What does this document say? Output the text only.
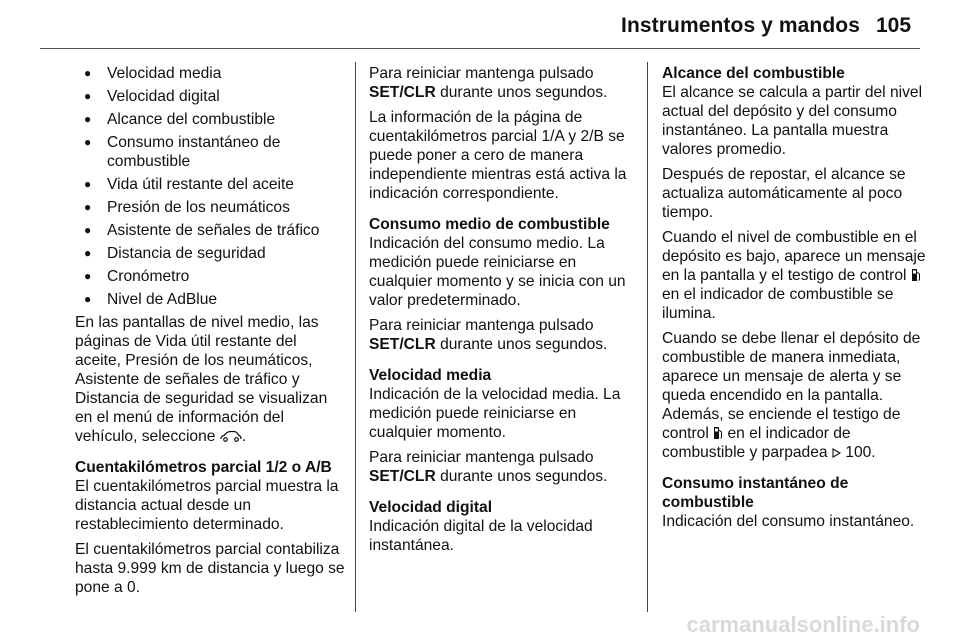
Instrumentos y mandos 105
● Velocidad media
● Velocidad digital
● Alcance del combustible
● Consumo instantáneo de combustible
● Vida útil restante del aceite
● Presión de los neumáticos
● Asistente de señales de tráfico
● Distancia de seguridad
● Cronómetro
● Nivel de AdBlue

En las pantallas de nivel medio, las páginas de Vida útil restante del aceite, Presión de los neumáticos, Asistente de señales de tráfico y Distancia de seguridad se visualizan en el menú de información del vehículo, seleccione .

Cuentakilómetros parcial 1/2 o A/B

El cuentakilómetros parcial muestra la distancia actual desde un restablecimiento determinado.

El cuentakilómetros parcial contabiliza hasta 9.999 km de distancia y luego se pone a 0.

Para reiniciar mantenga pulsado SET/CLR durante unos segundos.

La información de la página de cuentakilómetros parcial 1/A y 2/B se puede poner a cero de manera independiente mientras está activa la indicación correspondiente.

Consumo medio de combustible

Indicación del consumo medio. La medición puede reiniciarse en cualquier momento y se inicia con un valor predeterminado.

Para reiniciar mantenga pulsado SET/CLR durante unos segundos.

Velocidad media

Indicación de la velocidad media. La medición puede reiniciarse en cualquier momento.

Para reiniciar mantenga pulsado SET/CLR durante unos segundos.

Velocidad digital

Indicación digital de la velocidad instantánea.

Alcance del combustible

El alcance se calcula a partir del nivel actual del depósito y del consumo instantáneo. La pantalla muestra valores promedio.

Después de repostar, el alcance se actualiza automáticamente al poco tiempo.

Cuando el nivel de combustible en el depósito es bajo, aparece un mensaje en la pantalla y el testigo de control  en el indicador de combustible se ilumina.

Cuando se debe llenar el depósito de combustible de manera inmediata, aparece un mensaje de alerta y se queda encendido en la pantalla. Además, se enciende el testigo de control en el indicador de combustible y parpadea 100.

Consumo instantáneo de combustible

Indicación del consumo instantáneo.

carmanualsonline.info
